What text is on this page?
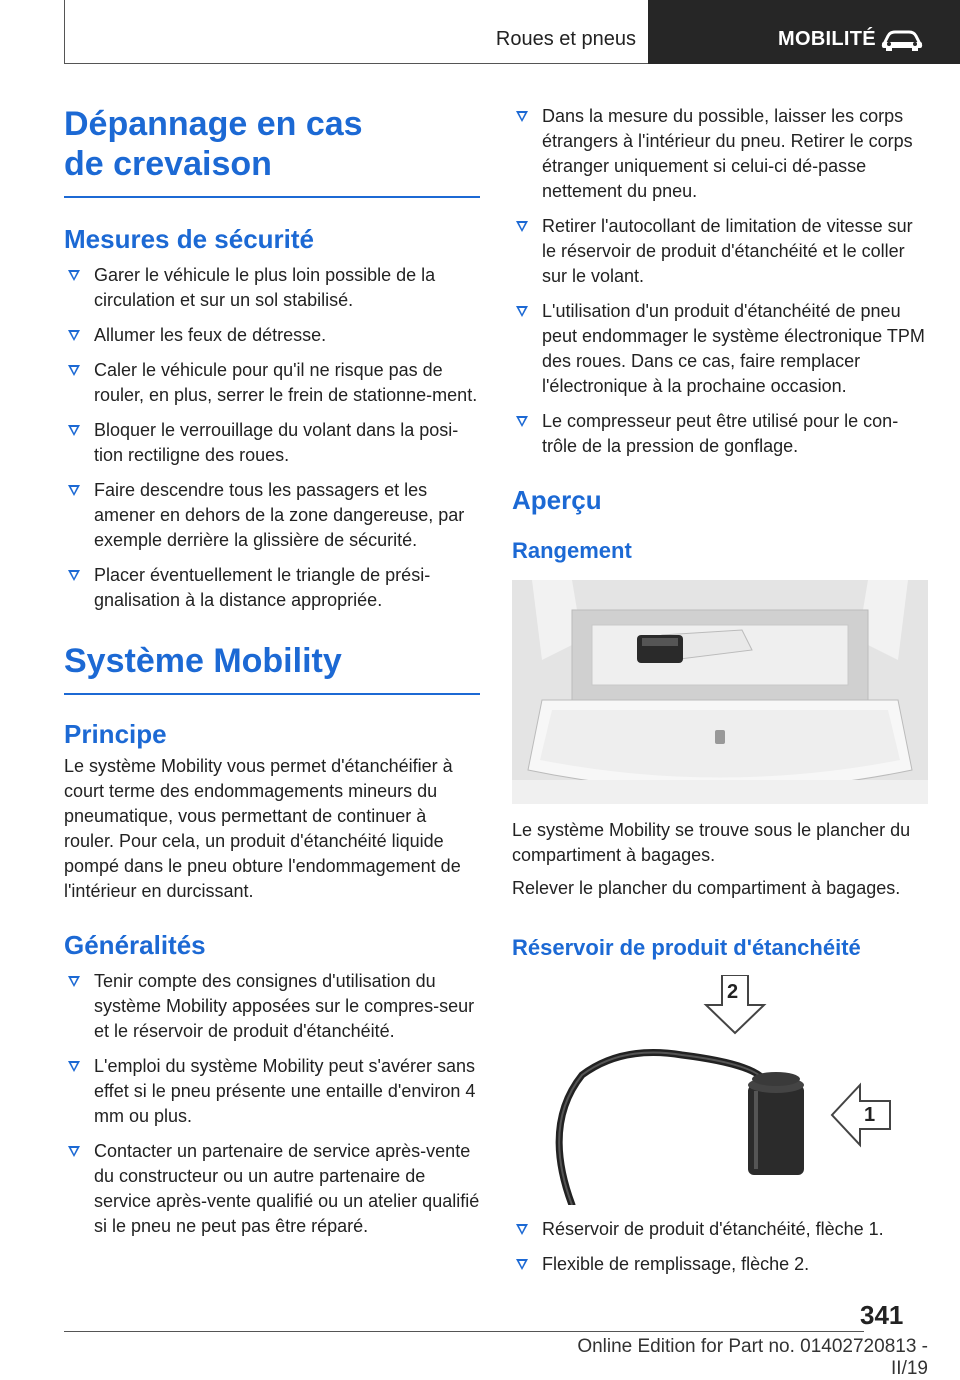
Roues et pneus	MOBILITÉ
Dépannage en cas de crevaison
Mesures de sécurité
Garer le véhicule le plus loin possible de la circulation et sur un sol stabilisé.
Allumer les feux de détresse.
Caler le véhicule pour qu'il ne risque pas de rouler, en plus, serrer le frein de stationne-ment.
Bloquer le verrouillage du volant dans la posi-tion rectiligne des roues.
Faire descendre tous les passagers et les amener en dehors de la zone dangereuse, par exemple derrière la glissière de sécurité.
Placer éventuellement le triangle de prési-gnalisation à la distance appropriée.
Système Mobility
Principe

Le système Mobility vous permet d'étanchéifier à court terme des endommagements mineurs du pneumatique, vous permettant de continuer à rouler. Pour cela, un produit d'étanchéité liquide pompé dans le pneu obture l'endommagement de l'intérieur en durcissant.

Généralités
Tenir compte des consignes d'utilisation du système Mobility apposées sur le compres-seur et le réservoir de produit d'étanchéité.
L'emploi du système Mobility peut s'avérer sans effet si le pneu présente une entaille d'environ 4 mm ou plus.
Contacter un partenaire de service après-vente du constructeur ou un autre partenaire de service après-vente qualifié ou un atelier qualifié si le pneu ne peut pas être réparé.
Dans la mesure du possible, laisser les corps étrangers à l'intérieur du pneu. Retirer le corps étranger uniquement si celui-ci dé-passe nettement du pneu.
Retirer l'autocollant de limitation de vitesse sur le réservoir de produit d'étanchéité et le coller sur le volant.
L'utilisation d'un produit d'étanchéité de pneu peut endommager le système électronique TPM des roues. Dans ce cas, faire remplacer l'électronique à la prochaine occasion.
Le compresseur peut être utilisé pour le con-trôle de la pression de gonflage.
Aperçu
Rangement

Le système Mobility se trouve sous le plancher du compartiment à bagages.

Relever le plancher du compartiment à bagages.

Réservoir de produit d'étanchéité
2
1
Réservoir de produit d'étanchéité, flèche 1.
Flexible de remplissage, flèche 2.
341
Online Edition for Part no. 01402720813 - II/19
